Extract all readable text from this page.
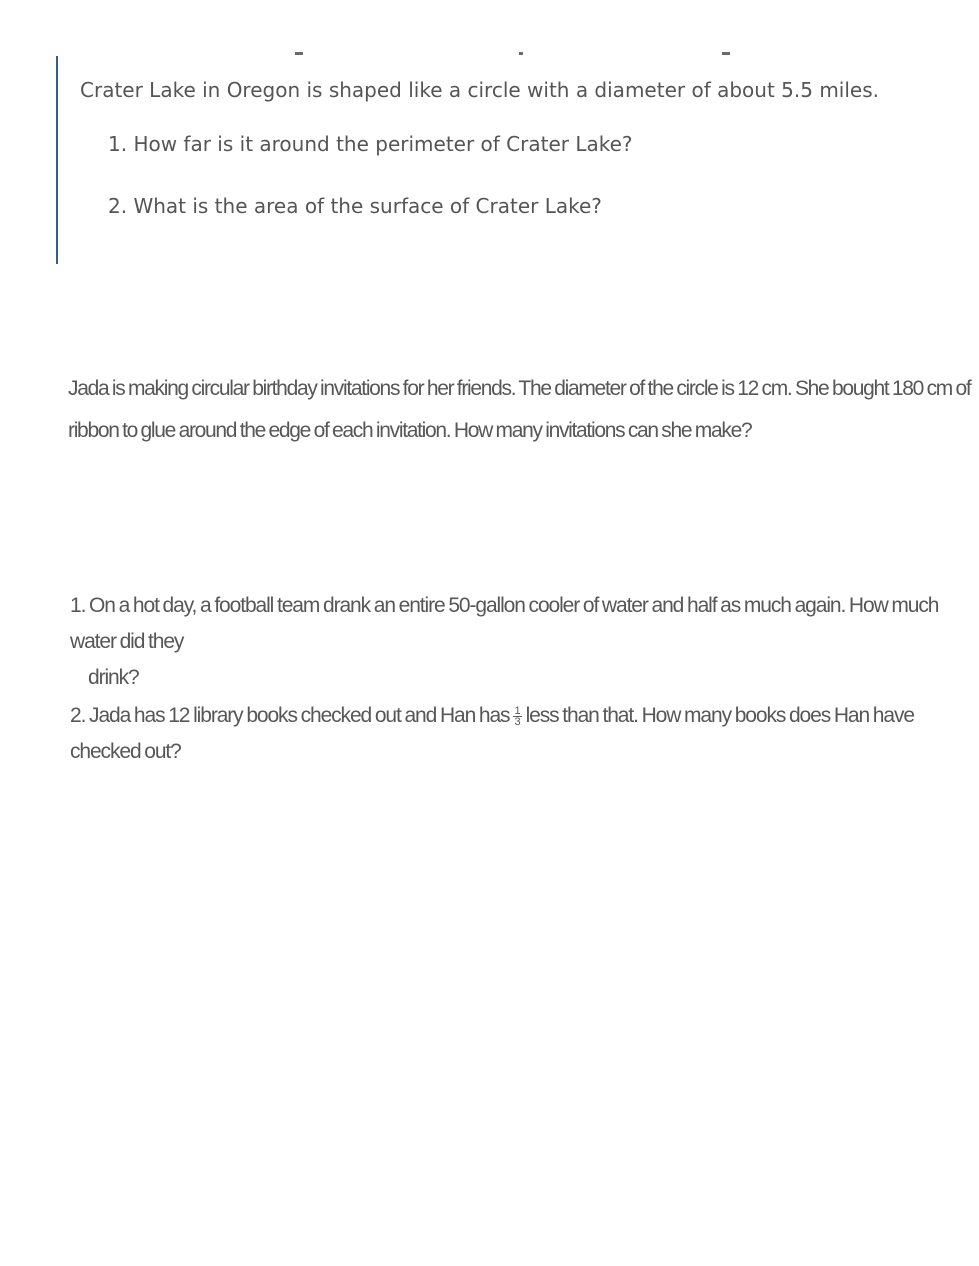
Crater Lake in Oregon is shaped like a circle with a diameter of about 5.5 miles.
1. How far is it around the perimeter of Crater Lake?
2. What is the area of the surface of Crater Lake?

Jada is making circular birthday invitations for her friends. The diameter of the circle is 12 cm. She bought 180 cm of ribbon to glue around the edge of each invitation. How many invitations can she make?

1. On a hot day, a football team drank an entire 50-gallon cooler of water and half as much again. How much water did they
drink?
2. Jada has 12 library books checked out and Han has $\frac{1}{3}$ less than that. How many books does Han have checked out?
